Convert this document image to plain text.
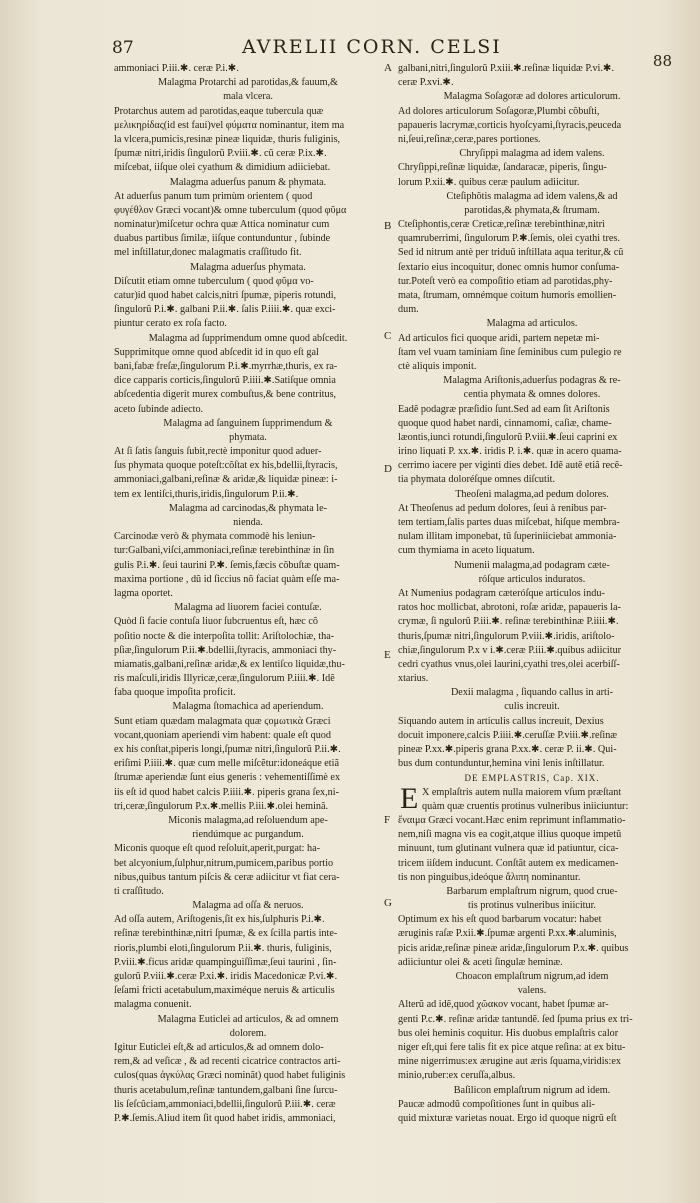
87	AVRELII CORN. CELSI
88
A
B
C
D
E
F
G
ammoniaci P.iii.✱. ceræ P.i.✱.
Malagma Protarchi ad parotidas,& fauum,&
mala vlcera.
Protarchus autem ad parotidas,eaque tubercula quæ
μελικηρίδας(id est fauí)vel φύματα nominantur, item ma
la vlcera,pumicis,resinæ pineæ liquidæ, thuris fuliginis,
ſpumæ nitri,iridis ſingulorũ P.viii.✱. cũ ceræ P.ix.✱.
miſcebat, iiſque olei cyathum & dimidium adiiciebat.
Malagma aduerſus panum & phymata.
At aduerſus panum tum primùm orientem ( quod
φυγέθλον Græci vocant)& omne tuberculum (quod φῦμα
nominatur)miſcetur ochra quæ Attica nominatur cum
duabus partibus ſimilæ, iiſque contunduntur , ſubinde
mel inſtillatur,donec malagmatis craſſitudo fit.
Malagma aduerſus phymata.
Diſcutit etiam omne tuberculum ( quod φῦμα vo-
catur)id quod habet calcis,nitri ſpumæ, piperis rotundi,
ſingulorũ P.i.✱. galbani P.ii.✱. ſalis P.iiii.✱. quæ exci-
piuntur cerato ex roſa facto.
Malagma ad ſupprimendum omne quod abſcedit.
Supprimitque omne quod abſcedit id in quo eſt gal
bani,fabæ freſæ,ſingulorum P.i.✱.myrrhæ,thuris, ex ra-
dice capparis corticis,ſingulorũ P.iiii.✱.Satiſque omnia
abſcedentia digerit murex combuſtus,& bene contritus,
aceto ſubinde adiecto.
Malagma ad ſanguinem ſupprimendum &
phymata.
At ſi ſatis ſanguis ſubit,rectè imponitur quod aduer-
ſus phymata quoque poteſt:cõſtat ex his,bdellii,ſtyracis,
ammoniaci,galbani,reſinæ & aridæ,& liquidæ pineæ: i-
tem ex lentiſci,thuris,iridis,ſingulorum P.ii.✱.
Malagma ad carcinodas,& phymata le-
nienda.
Carcinodæ verò & phymata commodè his leniun-
tur:Galbani,viſci,ammoniaci,reſinæ terebinthinæ in ſin
gulis P.i.✱. ſeui taurini P.✱. ſemis,fæcis cõbuſtæ quam-
maxima portione , dũ id ſiccius nõ faciat quàm eſſe ma-
lagma oportet.
Malagma ad liuorem faciei contuſæ.
Quòd ſi facie contuſa liuor ſubcruentus eſt, hæc cõ
poſitio nocte & die interpoſita tollit: Ariſtolochiæ, tha-
pſiæ,ſingulorum P.ii.✱.bdellii,ſtyracis, ammoniaci thy-
miamatis,galbani,reſinæ aridæ,& ex lentiſco liquidæ,thu-
ris maſculi,iridis Illyricæ,ceræ,ſingulorum P.iiii.✱. Idẽ
faba quoque impoſita proficit.
Malagma ſtomachica ad aperiendum.
Sunt etiam quædam malagmata quæ ϛομωτικὰ Græci
vocant,quoniam aperiendi vim habent: quale eſt quod
ex his conſtat,piperis longi,ſpumæ nitri,ſingulorũ P.ii.✱.
eriſimi P.iiii.✱. quæ cum melle miſcẽtur:idoneáque etiã
ſtrumæ aperiendæ ſunt eius generis : vehementiſſimè ex
iis eſt id quod habet calcis P.iiii.✱. piperis grana ſex,ni-
tri,ceræ,ſingulorum P.x.✱.mellis P.iii.✱.olei heminã.
Miconis malagma,ad reſoluendum ape-
riendúmque ac purgandum.
Miconis quoque eſt quod reſoluit,aperit,purgat: ha-
bet alcyonium,ſulphur,nitrum,pumicem,paribus portio
nibus,quibus tantum piſcis & ceræ adiicitur vt fiat cera-
ti craſſitudo.
Malagma ad oſſa & neruos.
Ad oſſa autem, Ariſtogenis,ſit ex his,ſulphuris P.i.✱.
reſinæ terebinthinæ,nitri ſpumæ, & ex ſcilla partis inte-
rioris,plumbi eloti,ſingulorum P.ii.✱. thuris, fuliginis,
P.viii.✱.ficus aridæ quampinguiſſimæ,ſeui taurini , ſin-
gulorũ P.viii.✱.ceræ P.xi.✱. iridis Macedonicæ P.vi.✱.
ſeſami fricti acetabulum,maximéque neruis & articulis
malagma conuenit.
Malagma Euticlei ad articulos, & ad omnem
dolorem.
Igitur Euticlei eſt,& ad articulos,& ad omnem dolo-
rem,& ad veſicæ , & ad recenti cicatrice contractos arti-
culos(quas ἀγκύλας Græci nominãt) quod habet fuliginis
thuris acetabulum,reſinæ tantundem,galbani ſine ſurcu-
lis ſeſcũciam,ammoniaci,bdellii,ſingulorũ P.iii.✱. ceræ
P.✱.ſemis.Aliud item ſit quod habet iridis, ammoniaci,
galbani,nitri,ſingulorũ P.xiii.✱.reſinæ liquidæ P.vi.✱.
ceræ P.xvi.✱.
Malagma Soſagoræ ad dolores articulorum.
Ad dolores articulorum Soſagoræ,Plumbi cõbuſti,
papaueris lacrymæ,corticis hyoſcyami,ſtyracis,peuceda
ni,ſeui,reſinæ,ceræ,pares portiones.
Chryſippi malagma ad idem valens.
Chryſippi,reſinæ liquidæ, ſandaracæ, piperis, ſingu-
lorum P.xii.✱. quibus ceræ paulum adiicitur.
Cteſiphõtis malagma ad idem valens,& ad
parotidas,& phymata,& ſtrumam.
Cteſiphontis,ceræ Creticæ,reſinæ terebinthinæ,nitri
quamruberrimi, ſingulorum P.✱.ſemis, olei cyathi tres.
Sed id nitrum antè per triduũ inſtillata aqua teritur,& cũ
ſextario eius incoquitur, donec omnis humor conſuma-
tur.Poteſt verò ea compoſitio etiam ad parotidas,phy-
mata, ſtrumam, omnémque coitum humoris emollien-
dum.
Malagma ad articulos.
Ad articulos fici quoque aridi, partem nepetæ mi-
ſtam vel vuam taminiam ſine ſeminibus cum pulegio re
ctè aliquis imponit.
Malagma Ariſtonis,aduerſus podagras & re-
centia phymata & omnes dolores.
Eadẽ podagræ præſidio ſunt.Sed ad eam ſit Ariſtonis
quoque quod habet nardi, cinnamomi, caſiæ, chame-
læontis,iunci rotundi,ſingulorũ P.viii.✱.ſeui caprini ex
irino liquati P. xx.✱. iridis P. i.✱. quæ in acero quama-
cerrimo iacere per viginti dies debet. Idẽ autẽ etiã recẽ-
tia phymata doloréſque omnes diſcutit.
Theoſeni malagma,ad pedum dolores.
At Theoſenus ad pedum dolores, ſeui à renibus par-
tem tertiam,ſalis partes duas miſcebat, hiſque membra-
nulam illitam imponebat, tũ ſuperiniiciebat ammonia-
cum thymiama in aceto liquatum.
Numenii malagma,ad podagram cæte-
róſque articulos induratos.
At Numenius podagram cæteróſque articulos indu-
ratos hoc mollicbat, abrotoni, roſæ aridæ, papaueris la-
crymæ, ſi ngulorũ P.iii.✱. reſinæ terebinthinæ P.iiii.✱.
thuris,ſpumæ nitri,ſingulorum P.viii.✱.iridis, ariſtolo-
chiæ,ſingulorum P.x v i.✱.ceræ P.iii.✱.quibus adiicitur
cedri cyathus vnus,olei laurini,cyathi tres,olei acerbiſſ-
xtarius.
Dexii malagma , ſiquando callus in arti-
culis increuit.
Siquando autem in articulis callus increuit, Dexius
docuit imponere,calcis P.iiii.✱.ceruſſæ P.viii.✱.reſinæ
pineæ P.xx.✱.piperis grana P.xx.✱. ceræ P. ii.✱. Qui-
bus dum contunduntur,hemina vini lenis inſtillatur.
DE EMPLASTRIS, Cap. XIX.
X emplaſtris autem nulla maiorem vſum præſtant
quàm quæ cruentis protinus vulneribus iniiciuntur:
ἔναιμα Græci vocant.Hæc enim reprimunt inflammatio-
nem,niſi magna vis ea cogit,atque illius quoque impetũ
minuunt, tum glutinant vulnera quæ id patiuntur, cica-
tricem iiſdem inducunt. Conſtãt autem ex medicamen-
tis non pinguibus,ideóque ἄλιπη nominantur.
Barbarum emplaſtrum nigrum, quod crue-
tis protinus vulneribus iniicitur.
Optimum ex his eſt quod barbarum vocatur: habet
æruginis raſæ P.xii.✱.ſpumæ argenti P.xx.✱.aluminis,
picis aridæ,reſinæ pineæ aridæ,ſingulorum P.x.✱. quibus
adiiciuntur olei & aceti ſingulæ heminæ.
Choacon emplaſtrum nigrum,ad idem
valens.
Alterũ ad idẽ,quod χῶακον vocant, habet ſpumæ ar-
genti P.c.✱. reſinæ aridæ tantundẽ. ſed ſpuma prius ex tri-
bus olei heminis coquitur. His duobus emplaſtris calor
niger eſt,qui fere talis fit ex pice atque reſina: at ex bitu-
mine nigerrimus:ex ærugine aut æris ſquama,viridis:ex
minio,ruber:ex ceruſſa,albus.
Baſilicon emplaſtrum nigrum ad idem.
Paucæ admodũ compoſitiones ſunt in quibus ali-
quid mixturæ varietas nouat. Ergo id quoque nigrũ eſt
E
